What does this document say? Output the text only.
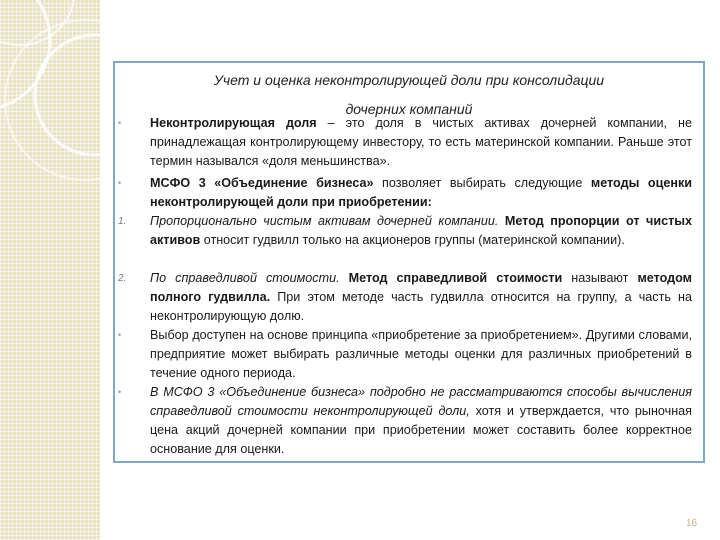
Учет и оценка неконтролирующей доли при консолидации
дочерних компаний
•	Неконтролирующая доля – это доля в чистых активах дочерней компании, не принадлежащая контролирующему инвестору, то есть материнской компании. Раньше этот термин назывался «доля меньшинства».
•	МСФО 3 «Объединение бизнеса» позволяет выбирать следующие методы оценки неконтролирующей доли при приобретении:
1.	Пропорционально чистым активам дочерней компании. Метод пропорции от чистых активов относит гудвилл только на акционеров группы (материнской компании).
2.	По справедливой стоимости. Метод справедливой стоимости называют методом полного гудвилла. При этом методе часть гудвилла относится на группу, а часть на неконтролирующую долю.
•	Выбор доступен на основе принципа «приобретение за приобретением». Другими словами, предприятие может выбирать различные методы оценки для различных приобретений в течение одного периода.
•	В МСФО 3 «Объединение бизнеса» подробно не рассматриваются способы вычисления справедливой стоимости неконтролирующей доли, хотя и утверждается, что рыночная цена акций дочерней компании при приобретении может составить более корректное основание для оценки.
16
